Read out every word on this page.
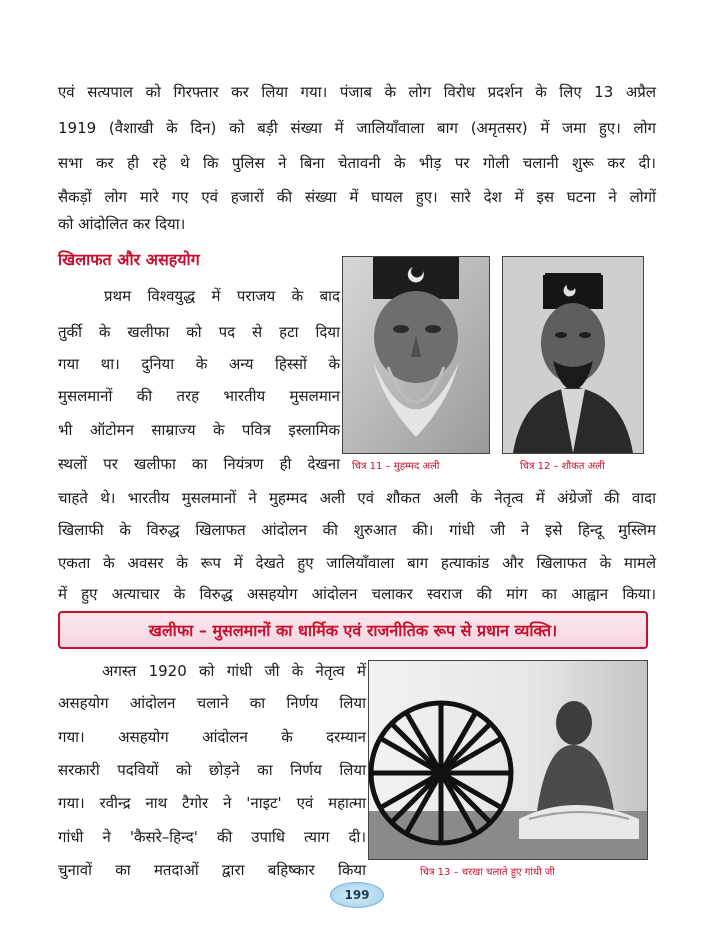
एवं सत्यपाल को गिरफ्तार कर लिया गया। पंजाब के लोग विरोध प्रदर्शन के लिए 13 अप्रैल
1919 (वैशाखी के दिन) को बड़ी संख्या में जालियाँवाला बाग (अमृतसर) में जमा हुए। लोग
सभा कर ही रहे थे कि पुलिस ने बिना चेतावनी के भीड़ पर गोली चलानी शुरू कर दी।
सैकड़ों लोग मारे गए एवं हजारों की संख्या में घायल हुए। सारे देश में इस घटना ने लोगों
को आंदोलित कर दिया।
खिलाफत और असहयोग
प्रथम विश्वयुद्ध में पराजय के बाद
तुर्की के खलीफा को पद से हटा दिया
गया था। दुनिया के अन्य हिस्सों के
मुसलमानों की तरह भारतीय मुसलमान
भी ऑटोमन साम्राज्य के पवित्र इस्लामिक
स्थलों पर खलीफा का नियंत्रण ही देखना चित्र 11 – मुहम्मद अली	चित्र 12 – शौकत अली
चाहते थे। भारतीय मुसलमानों ने मुहम्मद अली एवं शौकत अली के नेतृत्व में अंग्रेजों की वादा
खिलाफी के विरुद्ध खिलाफत आंदोलन की शुरुआत की। गांधी जी ने इसे हिन्दू मुस्लिम
एकता के अवसर के रूप में देखते हुए जालियाँवाला बाग हत्याकांड और खिलाफत के मामले
में हुए अत्याचार के विरुद्ध असहयोग आंदोलन चलाकर स्वराज की मांग का आह्वान किया।
खलीफा – मुसलमानों का धार्मिक एवं राजनीतिक रूप से प्रधान व्यक्ति।
अगस्त 1920 को गांधी जी के नेतृत्व में
असहयोग आंदोलन चलाने का निर्णय लिया
गया। असहयोग आंदोलन के दरम्यान
सरकारी पदवियों को छोड़ने का निर्णय लिया
गया। रवीन्द्र नाथ टैगोर ने 'नाइट' एवं महात्मा
गांधी ने 'कैसरे–हिन्द' की उपाधि त्याग दी।
चुनावों का मतदाओं द्वारा बहिष्कार किया	चित्र 13 – चरखा चलाते हुए गांधी जी
199
